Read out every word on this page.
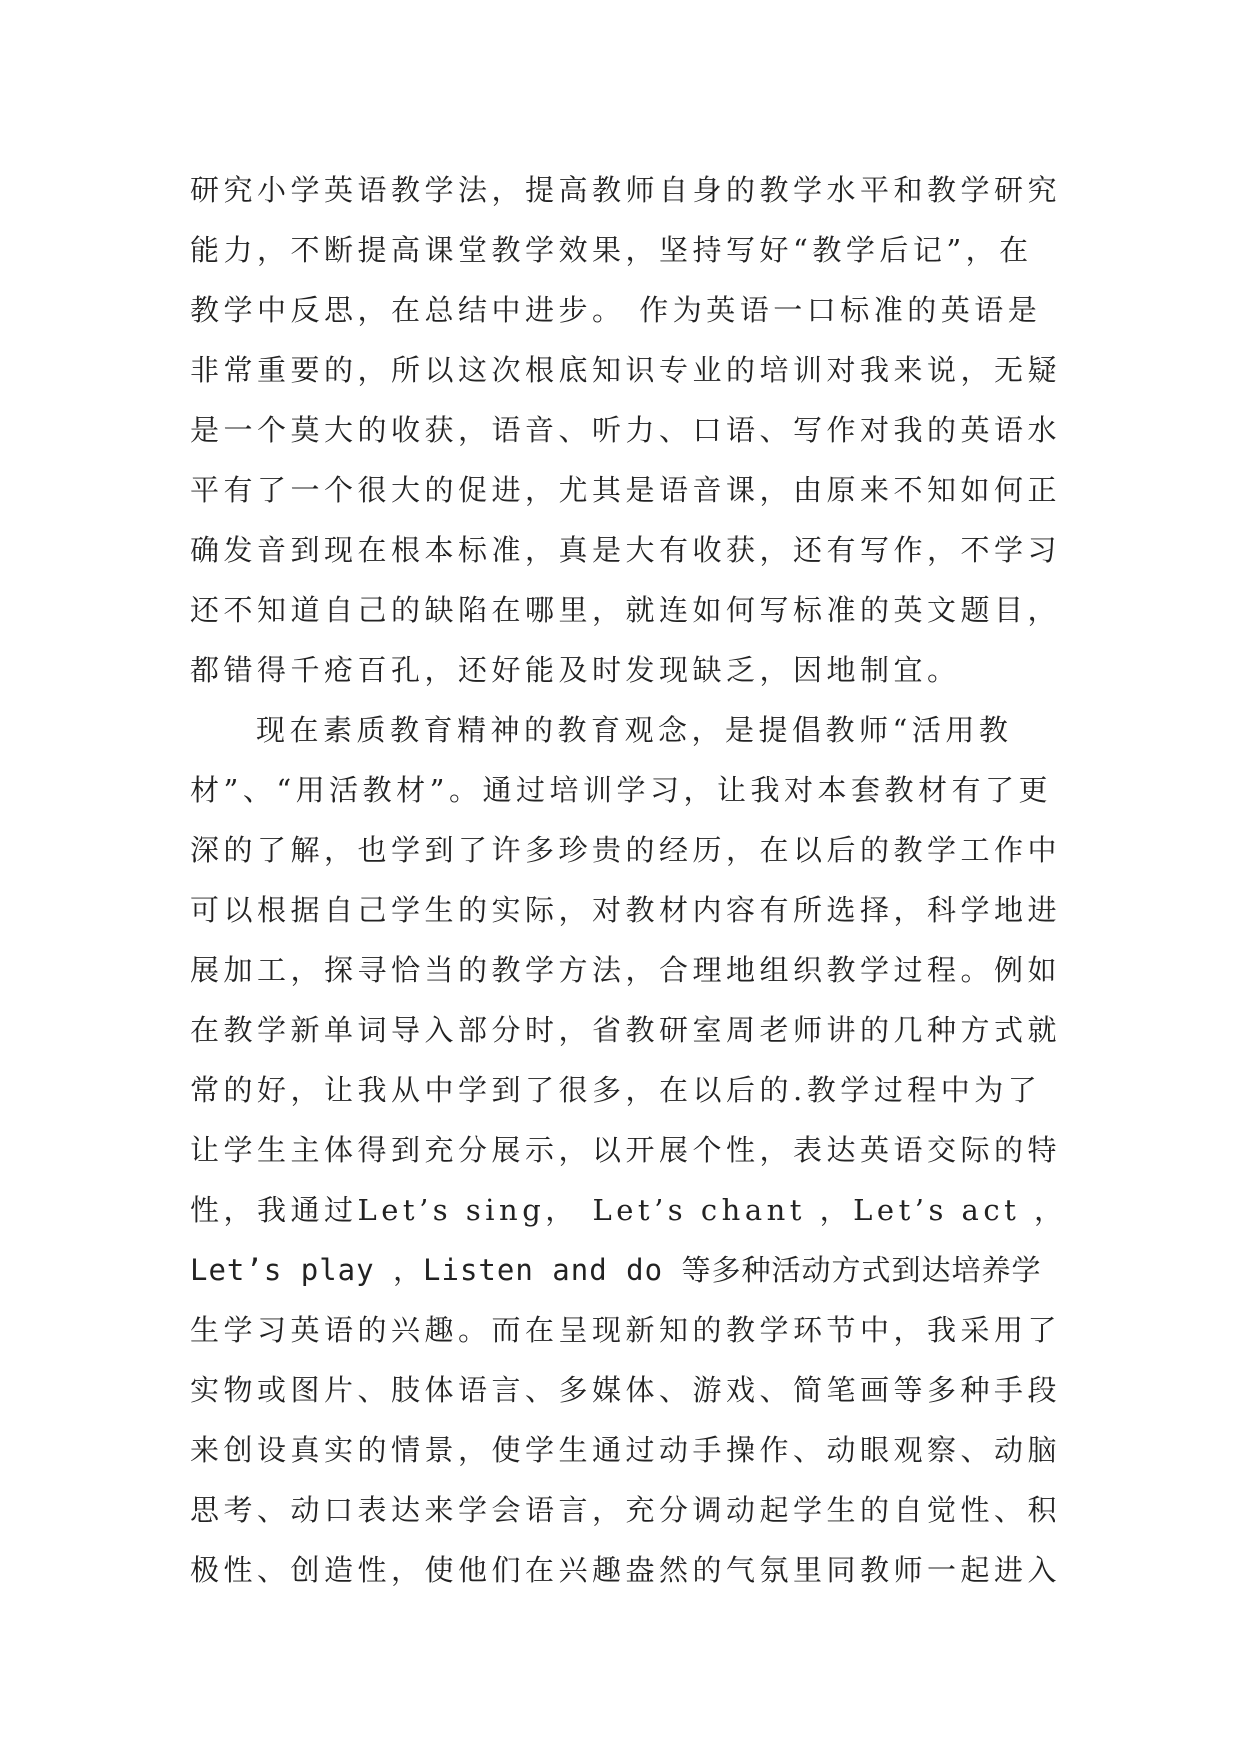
研究小学英语教学法，提高教师自身的教学水平和教学研究
能力，不断提高课堂教学效果，坚持写好“教学后记”，在
教学中反思，在总结中进步。 作为英语一口标准的英语是
非常重要的，所以这次根底知识专业的培训对我来说，无疑
是一个莫大的收获，语音、听力、口语、写作对我的英语水
平有了一个很大的促进，尤其是语音课，由原来不知如何正
确发音到现在根本标准，真是大有收获，还有写作，不学习
还不知道自己的缺陷在哪里，就连如何写标准的英文题目，
都错得千疮百孔，还好能及时发现缺乏，因地制宜。
现在素质教育精神的教育观念，是提倡教师“活用教
材”、“用活教材”。通过培训学习，让我对本套教材有了更
深的了解，也学到了许多珍贵的经历，在以后的教学工作中
可以根据自己学生的实际，对教材内容有所选择，科学地进
展加工，探寻恰当的教学方法，合理地组织教学过程。例如
在教学新单词导入部分时，省教研室周老师讲的几种方式就
常的好，让我从中学到了很多，在以后的.教学过程中为了
让学生主体得到充分展示，以开展个性，表达英语交际的特
性，我通过Let’s sing， Let’s chant ，Let’s act ，
Let’s play ，Listen and do 等多种活动方式到达培养学
生学习英语的兴趣。而在呈现新知的教学环节中，我采用了
实物或图片、肢体语言、多媒体、游戏、简笔画等多种手段
来创设真实的情景，使学生通过动手操作、动眼观察、动脑
思考、动口表达来学会语言，充分调动起学生的自觉性、积
极性、创造性，使他们在兴趣盎然的气氛里同教师一起进入
